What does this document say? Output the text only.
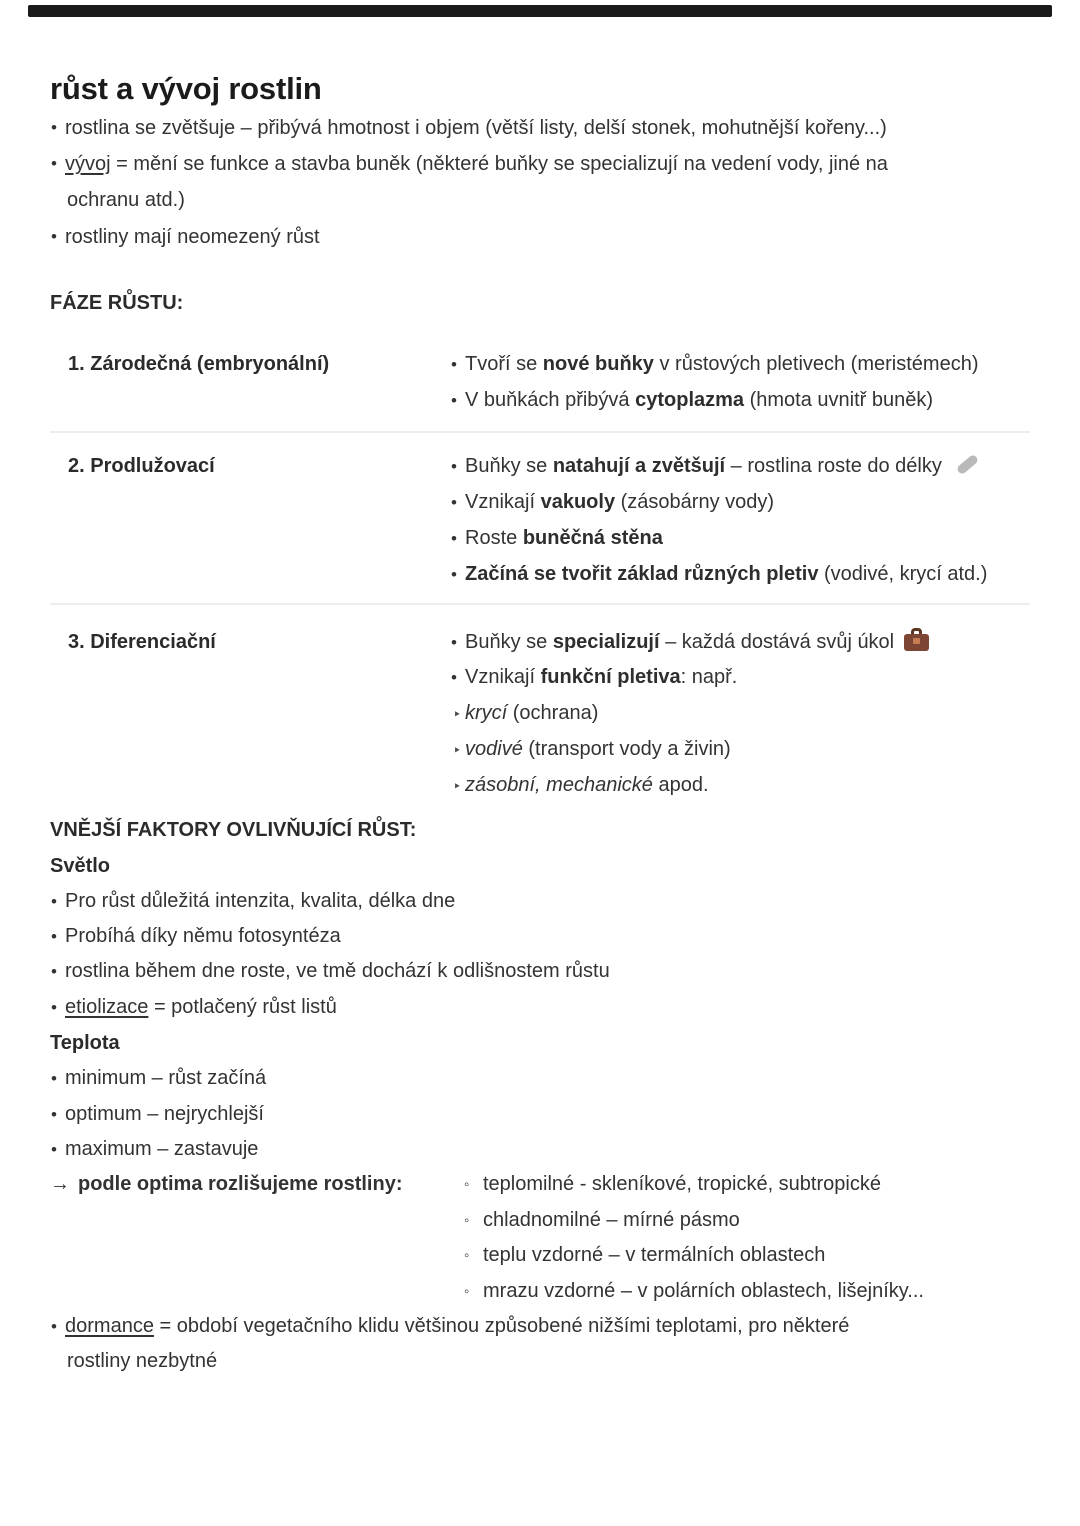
růst a vývoj rostlin
• rostlina se zvětšuje – přibývá hmotnost i objem (větší listy, delší stonek, mohutnější kořeny...)
• vývoj = mění se funkce a stavba buněk (některé buňky se specializují na vedení vody, jiné na
ochranu atd.)
• rostliny mají neomezený růst
FÁZE RŮSTU:
1. Zárodečná (embryonální)	• Tvoří se nové buňky v růstových pletivech (meristémech)
• V buňkách přibývá cytoplazma (hmota uvnitř buněk)
2. Prodlužovací	• Buňky se natahují a zvětšují – rostlina roste do délky
• Vznikají vakuoly (zásobárny vody)
• Roste buněčná stěna
• Začíná se tvořit základ různých pletiv (vodivé, krycí atd.)
3. Diferenciační	• Buňky se specializují – každá dostává svůj úkol
• Vznikají funkční pletiva: např.
‣ krycí (ochrana)
‣ vodivé (transport vody a živin)
‣ zásobní, mechanické apod.
VNĚJŠÍ FAKTORY OVLIVŇUJÍCÍ RŮST:
Světlo
• Pro růst důležitá intenzita, kvalita, délka dne
• Probíhá díky němu fotosyntéza
• rostlina během dne roste, ve tmě dochází k odlišnostem růstu
• etiolizace = potlačený růst listů
Teplota
• minimum – růst začíná
• optimum – nejrychlejší
• maximum – zastavuje
→ podle optima rozlišujeme rostliny:	◦ teplomilné - skleníkové, tropické, subtropické
◦ chladnomilné – mírné pásmo
◦ teplu vzdorné – v termálních oblastech
◦ mrazu vzdorné – v polárních oblastech, lišejníky...
• dormance = období vegetačního klidu většinou způsobené nižšími teplotami, pro některé
rostliny nezbytné
